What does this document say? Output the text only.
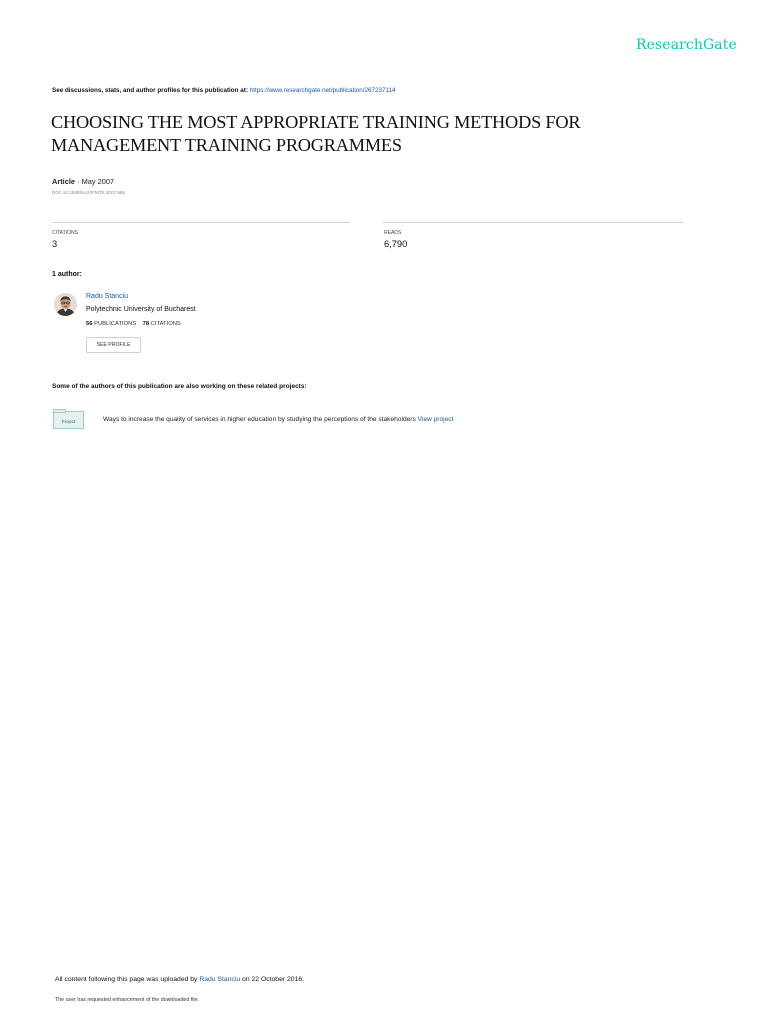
ResearchGate
See discussions, stats, and author profiles for this publication at: https://www.researchgate.net/publication/267237114
CHOOSING THE MOST APPROPRIATE TRAINING METHODS FOR
MANAGEMENT TRAINING PROGRAMMES
Article · May 2007
DOI: 10.15688/AJOFMTE.2007.885
CITATIONS
3
READS
6,790
1 author:
Radu Stanciu
Polytechnic University of Bucharest
56 PUBLICATIONS 78 CITATIONS
SEE PROFILE
Some of the authors of this publication are also working on these related projects:
Project	Ways to increase the quality of services in higher education by studying the perceptions of the stakeholders View project
All content following this page was uploaded by Radu Stanciu on 22 October 2016.
The user has requested enhancement of the downloaded file.
